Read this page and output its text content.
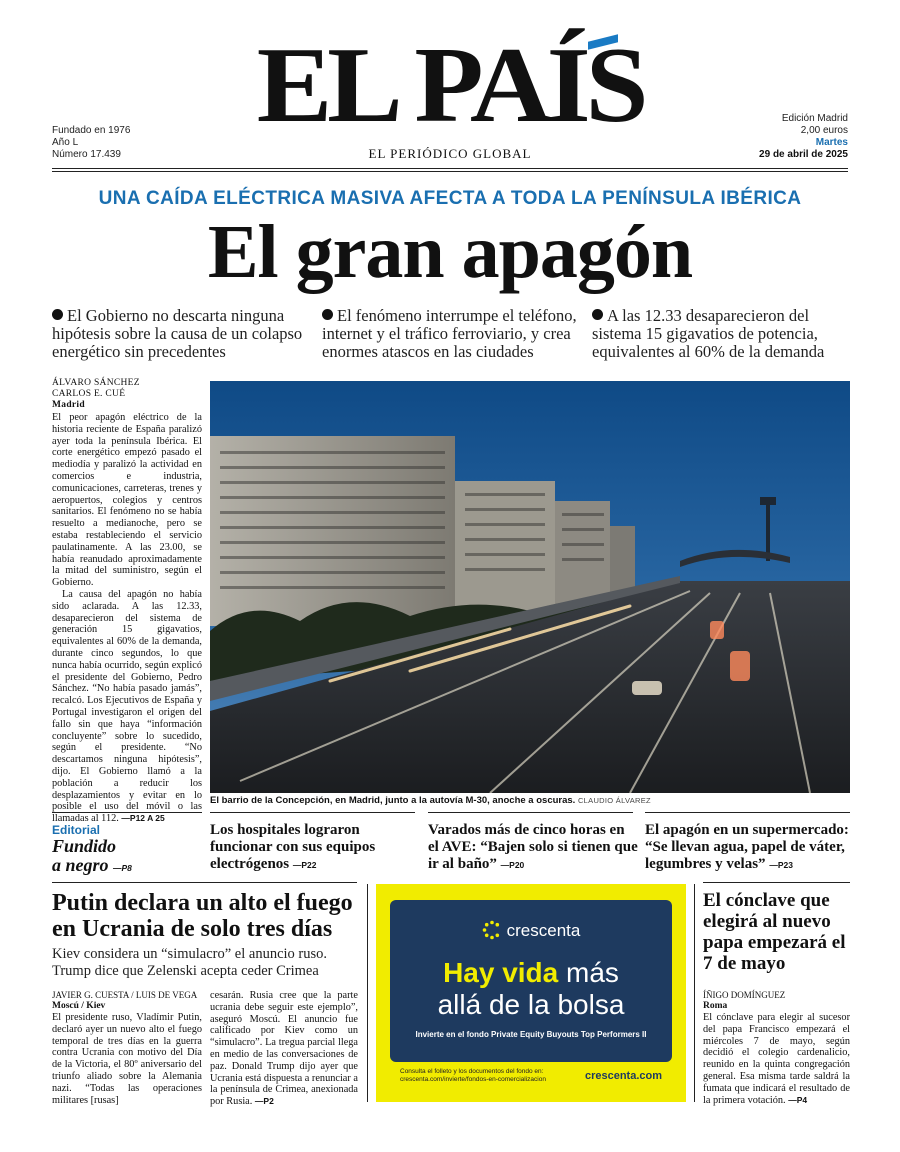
EL PAÍS
EL PERIÓDICO GLOBAL
Fundado en 1976
Año L
Número 17.439
Edición Madrid
2,00 euros
Martes
29 de abril de 2025
UNA CAÍDA ELÉCTRICA MASIVA AFECTA A TODA LA PENÍNSULA IBÉRICA
El gran apagón
El Gobierno no descarta ninguna hipótesis sobre la causa de un colapso energético sin precedentes
El fenómeno interrumpe el teléfono, internet y el tráfico ferroviario, y crea enormes atascos en las ciudades
A las 12.33 desaparecieron del sistema 15 gigavatios de potencia, equivalentes al 60% de la demanda
ÁLVARO SÁNCHEZ
CARLOS E. CUÉ
Madrid

El peor apagón eléctrico de la historia reciente de España paralizó ayer toda la península Ibérica. El corte energético empezó pasado el mediodía y paralizó la actividad en comercios e industria, comunicaciones, carreteras, trenes y aeropuertos, colegios y centros sanitarios. El fenómeno no se había resuelto a medianoche, pero se estaba restableciendo el servicio paulatinamente. A las 23.00, se había reanudado aproximadamente la mitad del suministro, según el Gobierno.

La causa del apagón no había sido aclarada. A las 12.33, desaparecieron del sistema de generación 15 gigavatios, equivalentes al 60% de la demanda, durante cinco segundos, lo que nunca había ocurrido, según explicó el presidente del Gobierno, Pedro Sánchez. “No había pasado jamás”, recalcó. Los Ejecutivos de España y Portugal investigaron el origen del fallo sin que haya “información concluyente” sobre lo sucedido, según el presidente. “No descartamos ninguna hipótesis”, dijo. El Gobierno llamó a la población a reducir los desplazamientos y evitar en lo posible el uso del móvil o las llamadas al 112. —P12 A 25

El barrio de la Concepción, en Madrid, junto a la autovía M-30, anoche a oscuras. CLAUDIO ÁLVAREZ
Editorial
Fundido
a negro —P8
Los hospitales lograron funcionar con sus equipos electrógenos —P22
Varados más de cinco horas en el AVE: “Bajen solo si tienen que ir al baño” —P20
El apagón en un supermercado: “Se llevan agua, papel de váter, legumbres y velas” —P23
Putin declara un alto el fuego en Ucrania de solo tres días
Kiev considera un “simulacro” el anuncio ruso. Trump dice que Zelenski acepta ceder Crimea
JAVIER G. CUESTA / LUIS DE VEGA
Moscú / Kiev
El presidente ruso, Vladímir Putin, declaró ayer un nuevo alto el fuego temporal de tres días en la guerra contra Ucrania con motivo del Día de la Victoria, el 80º aniversario del triunfo aliado sobre la Alemania nazi. “Todas las operaciones militares [rusas]
cesarán. Rusia cree que la parte ucrania debe seguir este ejemplo”, aseguró Moscú. El anuncio fue calificado por Kiev como un “simulacro”. La tregua parcial llega en medio de las conversaciones de paz. Donald Trump dijo ayer que Ucrania está dispuesta a renunciar a la península de Crimea, anexionada por Rusia. —P2
crescenta
Hay vida más
allá de la bolsa
Invierte en el fondo Private Equity Buyouts Top Performers II
Consulta el folleto y los documentos del fondo en:
crescenta.com/invierte/fondos-en-comercializacion	crescenta.com
El cónclave que elegirá al nuevo papa empezará el 7 de mayo
ÍÑIGO DOMÍNGUEZ
Roma
El cónclave para elegir al sucesor del papa Francisco empezará el miércoles 7 de mayo, según decidió el colegio cardenalicio, reunido en la quinta congregación general. Esa misma tarde saldrá la fumata que indicará el resultado de la primera votación. —P4
